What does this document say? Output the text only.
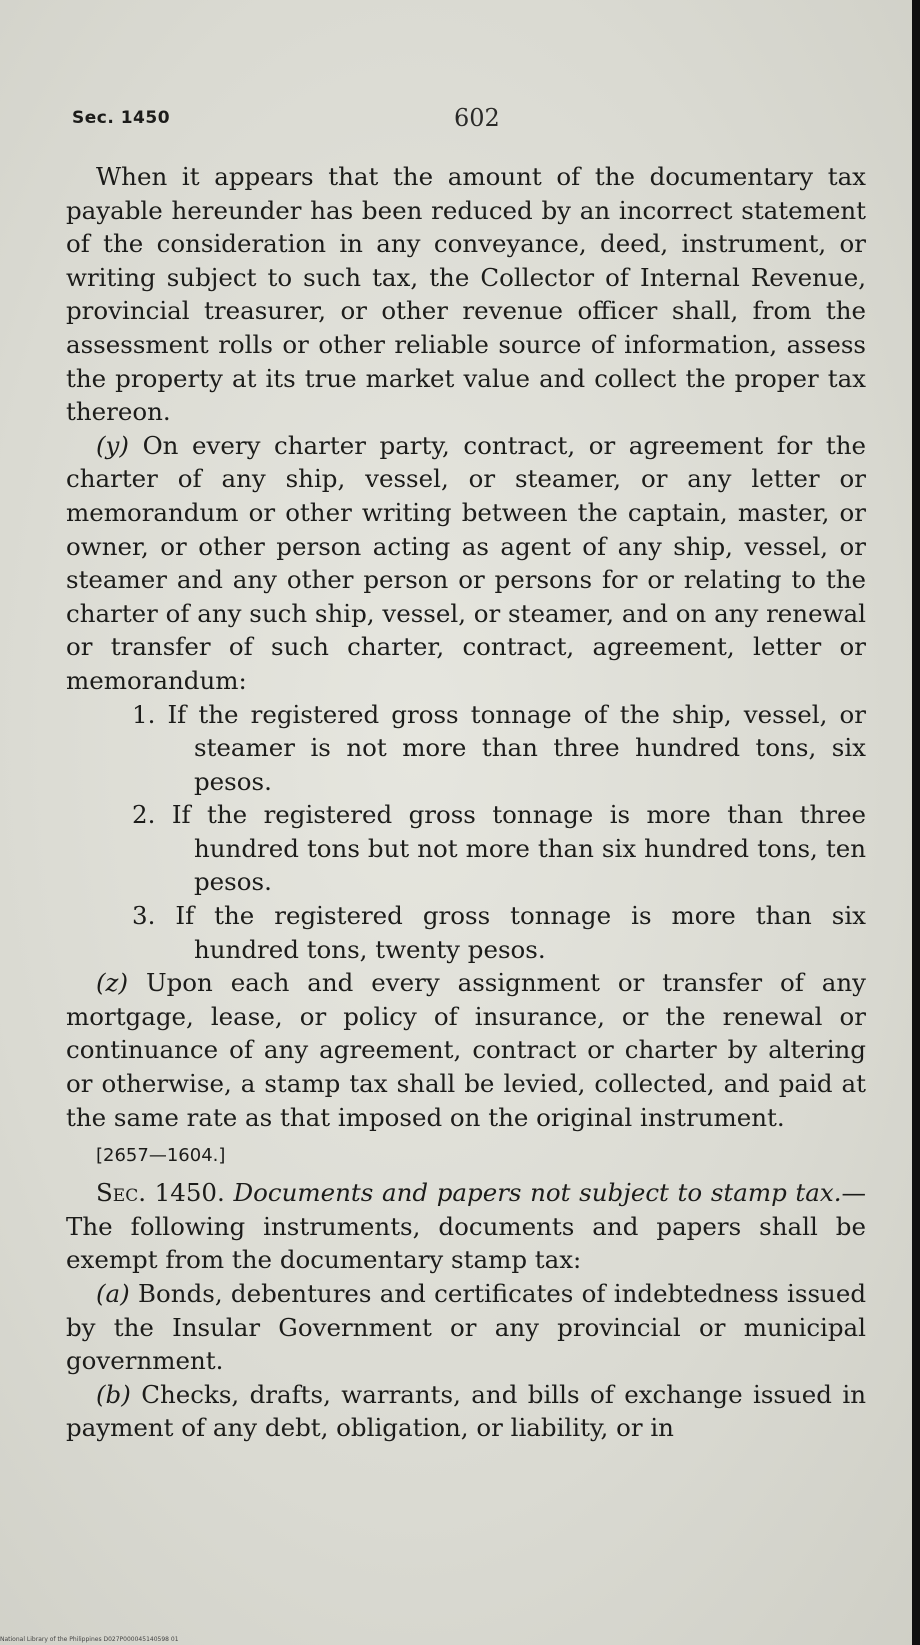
Sec. 1450	602

When it appears that the amount of the documentary tax payable hereunder has been reduced by an incorrect statement of the consideration in any conveyance, deed, instrument, or writing subject to such tax, the Collector of Internal Revenue, provincial treasurer, or other revenue officer shall, from the assessment rolls or other reliable source of information, assess the property at its true market value and collect the proper tax thereon.

(y) On every charter party, contract, or agreement for the charter of any ship, vessel, or steamer, or any letter or memorandum or other writing between the captain, master, or owner, or other person acting as agent of any ship, vessel, or steamer and any other person or persons for or relating to the charter of any such ship, vessel, or steamer, and on any renewal or transfer of such charter, contract, agreement, letter or memorandum:

1. If the registered gross tonnage of the ship, vessel, or steamer is not more than three hundred tons, six pesos.

2. If the registered gross tonnage is more than three hundred tons but not more than six hundred tons, ten pesos.

3. If the registered gross tonnage is more than six hundred tons, twenty pesos.

(z) Upon each and every assignment or transfer of any mortgage, lease, or policy of insurance, or the renewal or continuance of any agreement, contract or charter by altering or otherwise, a stamp tax shall be levied, collected, and paid at the same rate as that imposed on the original instrument.

[2657—1604.]

Sec. 1450. Documents and papers not subject to stamp tax.—The following instruments, documents and papers shall be exempt from the documentary stamp tax:

(a) Bonds, debentures and certificates of indebtedness issued by the Insular Government or any provincial or municipal government.

(b) Checks, drafts, warrants, and bills of exchange issued in payment of any debt, obligation, or liability, or in

National Library of the Philippines D027P000045140598 01
